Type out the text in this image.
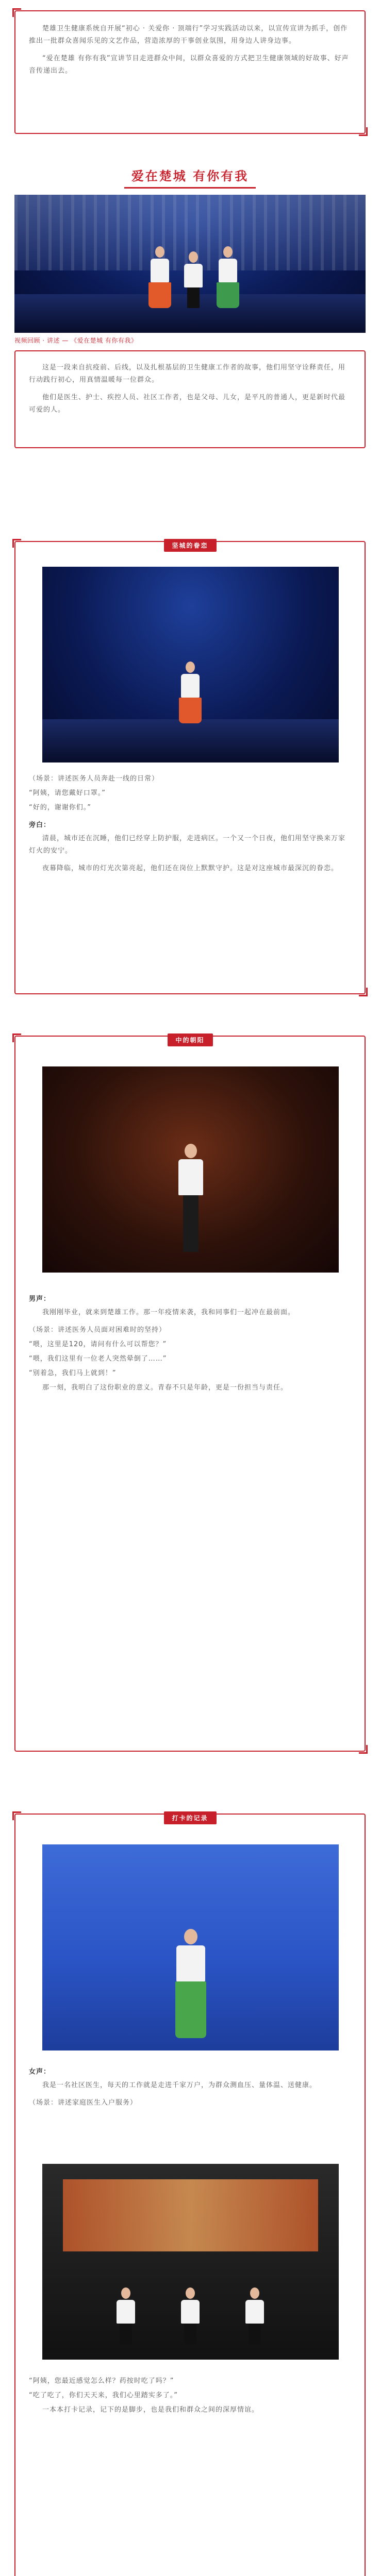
楚雄卫生健康系统自开展“初心 · 关爱你 · 顶端行”学习实践活动以来，以宣传宣讲为抓手，创作推出一批群众喜闻乐见的文艺作品，营造浓厚的干事创业氛围，用身边人讲身边事。

“爱在楚雄 有你有我”宣讲节目走进群众中间，以群众喜爱的方式把卫生健康领域的好故事、好声音传递出去。

爱在楚城 有你有我
视频回顾 · 讲述 — 《爱在楚城 有你有我》

这是一段来自抗疫前、后线，以及扎根基层的卫生健康工作者的故事，他们用坚守诠释责任，用行动践行初心，用真情温暖每一位群众。

他们是医生、护士、疾控人员、社区工作者，也是父母、儿女，是平凡的普通人，更是新时代最可爱的人。

坚城的眷恋

（场景：讲述医务人员奔赴一线的日常）

“阿姨，请您戴好口罩。”

“好的，谢谢你们。”

旁白：

清晨，城市还在沉睡，他们已经穿上防护服，走进病区。一个又一个日夜，他们用坚守换来万家灯火的安宁。

夜幕降临，城市的灯光次第亮起，他们还在岗位上默默守护。这是对这座城市最深沉的眷恋。

中的朝阳

男声：

我刚刚毕业，就来到楚雄工作。那一年疫情来袭，我和同事们一起冲在最前面。

（场景：讲述医务人员面对困难时的坚持）

“喂，这里是120，请问有什么可以帮您？”

“喂，我们这里有一位老人突然晕倒了……”

“别着急，我们马上就到！”

那一刻，我明白了这份职业的意义。青春不只是年龄，更是一份担当与责任。

打卡的记录

女声：

我是一名社区医生，每天的工作就是走进千家万户，为群众测血压、量体温、送健康。

（场景：讲述家庭医生入户服务）

“阿姨，您最近感觉怎么样？药按时吃了吗？”

“吃了吃了，你们天天来，我们心里踏实多了。”

一本本打卡记录，记下的是脚步，也是我们和群众之间的深厚情谊。
